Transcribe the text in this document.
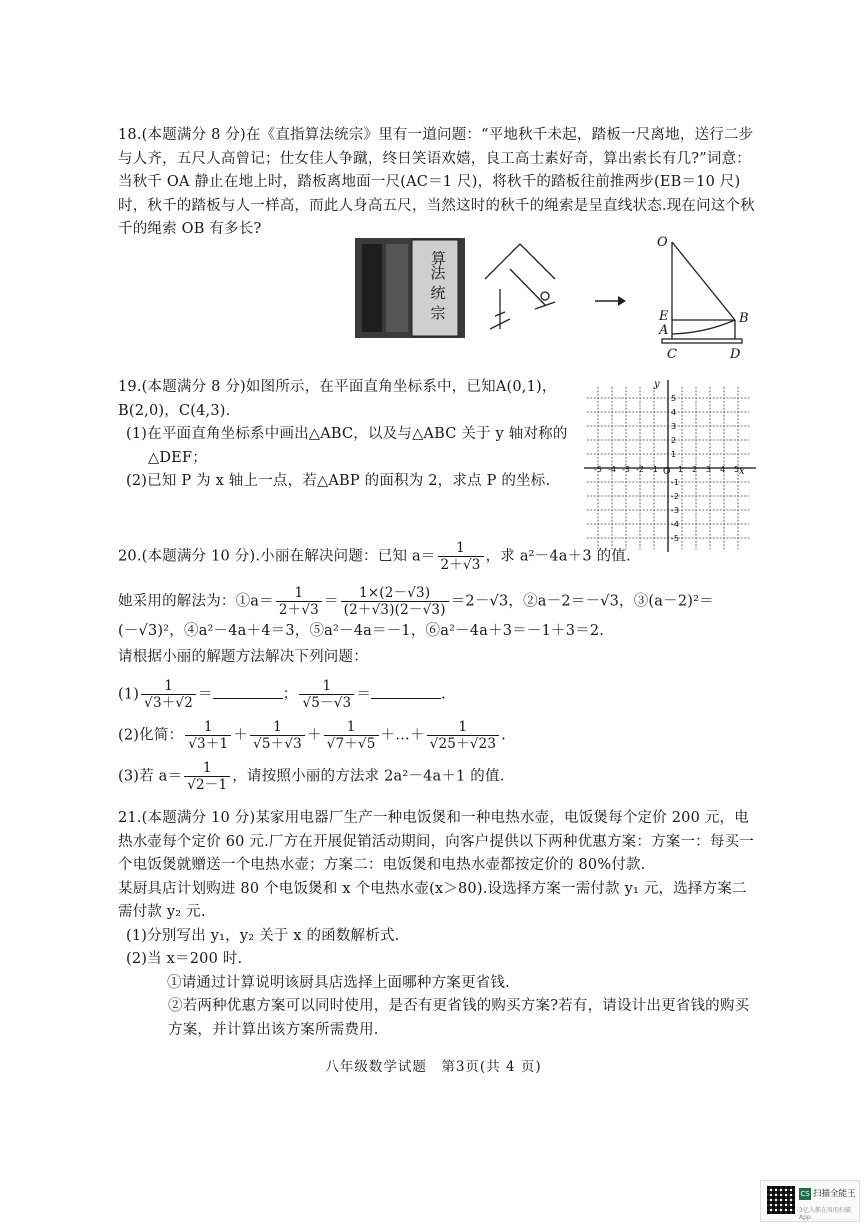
18.(本题满分 8 分)在《直指算法统宗》里有一道问题：“平地秋千未起，踏板一尺离地，送行二步与人齐，五尺人高曾记；仕女佳人争蹴，终日笑语欢嬉，良工高士素好奇，算出索长有几?”词意：当秋千 OA 静止在地上时，踏板离地面一尺(AC＝1 尺)，将秋千的踏板往前推两步(EB＝10 尺)时，秋千的踏板与人一样高，而此人身高五尺，当然这时的秋千的绳索是呈直线状态.现在问这个秋千的绳索 OB 有多长?

算
法
统
宗
O
E
A
C
B
D

19.(本题满分 8 分)如图所示，在平面直角坐标系中，已知A(0,1)，

B(2,0)，C(4,3).

(1)在平面直角坐标系中画出△ABC，以及与△ABC 关于 y 轴对称的△DEF；

(2)已知 P 为 x 轴上一点，若△ABP 的面积为 2，求点 P 的坐标.

-5 -4 -3 -2 -1	1 2 3 4 5
5
4
3
2
1
-1
-2
-3
-4
-5
x
y
O

20.(本题满分 10 分).小丽在解决问题：已知 $a= \frac{1}{2+√3}$ ，求 a²－4a＋3 的值.

她采用的解法为：①a＝ $\frac{1}{2+√3} = \frac{1\times(2-√3)}{(2+√3)(2-√3)} =2-√3$，②a－2＝－√3，③(a－2)²＝

(－√3)²，④a²－4a＋4＝3，⑤a²－4a＝－1，⑥a²－4a＋3＝－1＋3＝2.

请根据小丽的解题方法解决下列问题：

$(1) \frac{1}{√3+√2}$ ＝	； $\frac{1}{√5-√3}$ ＝	.

(2)化简： $\frac{1}{√3+1} + \frac{1}{√5+√3} + \frac{1}{√7+√5}$ ＋…＋ $\frac{1}{√25+√23}$ .

(3)若 $a= \frac{1}{√2-1}$ ，请按照小丽的方法求 2a²－4a＋1 的值.

21.(本题满分 10 分)某家用电器厂生产一种电饭煲和一种电热水壶，电饭煲每个定价 200 元，电热水壶每个定价 60 元.厂方在开展促销活动期间，向客户提供以下两种优惠方案：方案一：每买一个电饭煲就赠送一个电热水壶；方案二：电饭煲和电热水壶都按定价的 80%付款.

某厨具店计划购进 80 个电饭煲和 x 个电热水壶(x＞80).设选择方案一需付款 y₁ 元，选择方案二需付款 y₂ 元.

(1)分别写出 y₁，y₂ 关于 x 的函数解析式.

(2)当 x＝200 时.

①请通过计算说明该厨具店选择上面哪种方案更省钱.

②若两种优惠方案可以同时使用，是否有更省钱的购买方案?若有，请设计出更省钱的购买方案，并计算出该方案所需费用.

八年级数学试题　第3页(共 4 页)
CS 扫描全能王
3亿人都在用的扫描App
